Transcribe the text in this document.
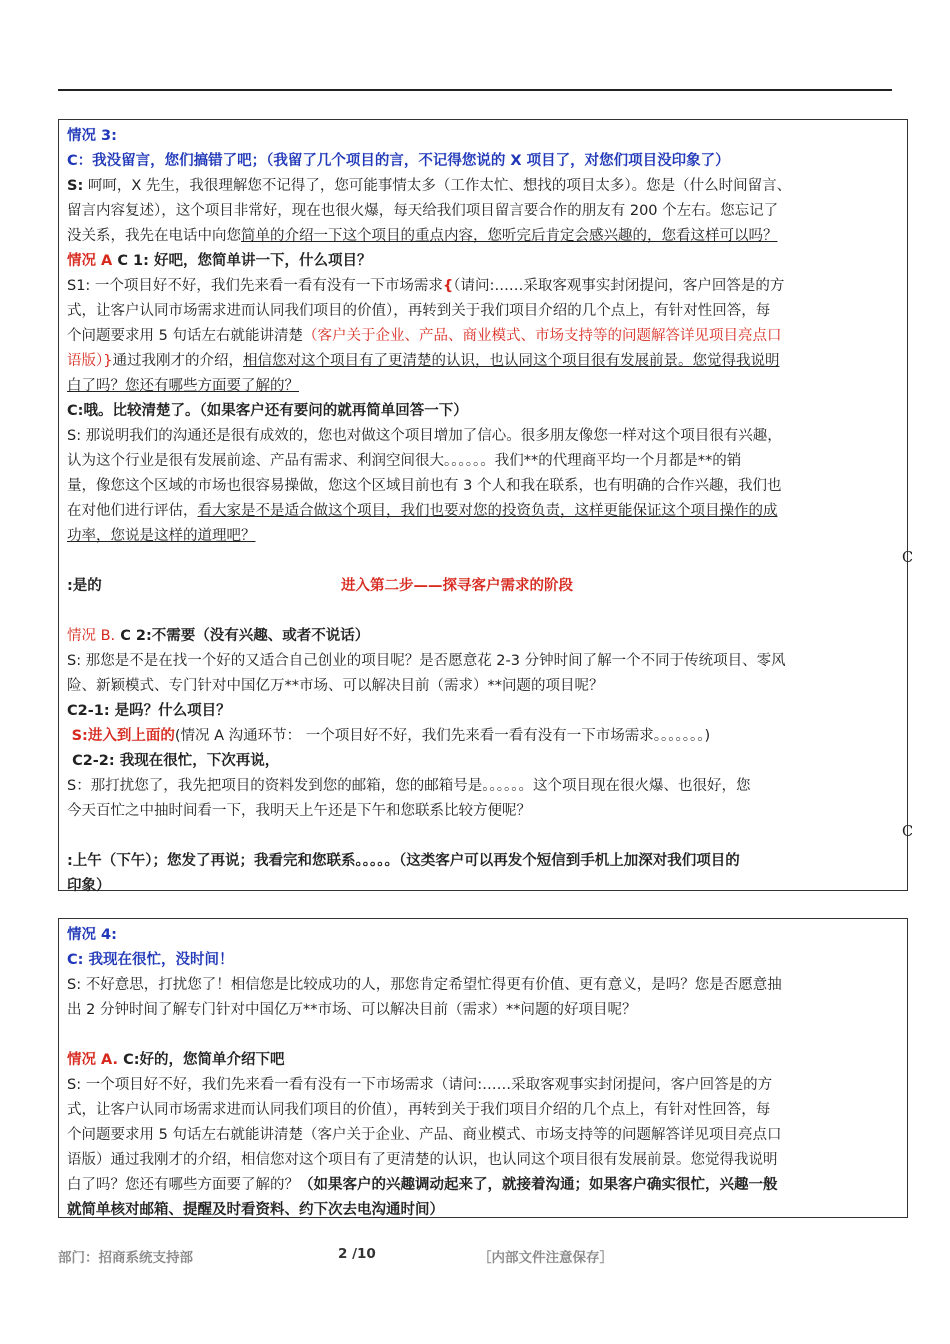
情况 3:

C：我没留言，您们搞错了吧；（我留了几个项目的言，不记得您说的 X 项目了，对您们项目没印象了）

S: 呵呵，X 先生，我很理解您不记得了，您可能事情太多（工作太忙、想找的项目太多）。您是（什么时间留言、

留言内容复述），这个项目非常好，现在也很火爆，每天给我们项目留言要合作的朋友有 200 个左右。您忘记了

没关系，我先在电话中向您简单的介绍一下这个项目的重点内容，您听完后肯定会感兴趣的，您看这样可以吗？

情况 A C 1: 好吧，您简单讲一下，什么项目？

S1: 一个项目好不好，我们先来看一看有没有一下市场需求{（请问:……采取客观事实封闭提问，客户回答是的方

式，让客户认同市场需求进而认同我们项目的价值），再转到关于我们项目介绍的几个点上，有针对性回答，每

个问题要求用 5 句话左右就能讲清楚（客户关于企业、产品、商业模式、市场支持等的问题解答详见项目亮点口

语版）}通过我刚才的介绍，相信您对这个项目有了更清楚的认识，也认同这个项目很有发展前景。您觉得我说明

白了吗？您还有哪些方面要了解的？

C:哦。比较清楚了。（如果客户还有要问的就再简单回答一下）

S: 那说明我们的沟通还是很有成效的，您也对做这个项目增加了信心。很多朋友像您一样对这个项目很有兴趣，

认为这个行业是很有发展前途、产品有需求、利润空间很大。。。。。。我们**的代理商平均一个月都是**的销

量，像您这个区域的市场也很容易操做，您这个区域目前也有 3 个人和我在联系，也有明确的合作兴趣，我们也

在对他们进行评估，看大家是不是适合做这个项目，我们也要对您的投资负责，这样更能保证这个项目操作的成

功率，您说是这样的道理吧？

:是的	进入第二步——探寻客户需求的阶段

情况 B. C 2:不需要（没有兴趣、或者不说话）

S: 那您是不是在找一个好的又适合自己创业的项目呢？是否愿意花 2-3 分钟时间了解一个不同于传统项目、零风

险、新颖模式、专门针对中国亿万**市场、可以解决目前（需求）**问题的项目呢？

C2-1: 是吗？什么项目？

S:进入到上面的(情况 A 沟通环节： 一个项目好不好，我们先来看一看有没有一下市场需求。。。。。。。)

C2-2: 我现在很忙，下次再说，

S：那打扰您了，我先把项目的资料发到您的邮箱，您的邮箱号是。。。。。。这个项目现在很火爆、也很好，您

今天百忙之中抽时间看一下，我明天上午还是下午和您联系比较方便呢？

:上午（下午）；您发了再说；我看完和您联系。。。。。（这类客户可以再发个短信到手机上加深对我们项目的

印象）

C
C

情况 4:

C: 我现在很忙，没时间！

S: 不好意思，打扰您了！相信您是比较成功的人，那您肯定希望忙得更有价值、更有意义，是吗？您是否愿意抽

出 2 分钟时间了解专门针对中国亿万**市场、可以解决目前（需求）**问题的好项目呢？

情况 A. C:好的，您简单介绍下吧

S: 一个项目好不好，我们先来看一看有没有一下市场需求（请问:……采取客观事实封闭提问，客户回答是的方

式，让客户认同市场需求进而认同我们项目的价值），再转到关于我们项目介绍的几个点上，有针对性回答，每

个问题要求用 5 句话左右就能讲清楚（客户关于企业、产品、商业模式、市场支持等的问题解答详见项目亮点口

语版）通过我刚才的介绍，相信您对这个项目有了更清楚的认识，也认同这个项目很有发展前景。您觉得我说明

白了吗？您还有哪些方面要了解的？（如果客户的兴趣调动起来了，就接着沟通；如果客户确实很忙，兴趣一般

就简单核对邮箱、提醒及时看资料、约下次去电沟通时间）

部门：招商系统支持部	2 /10	［内部文件注意保存］
